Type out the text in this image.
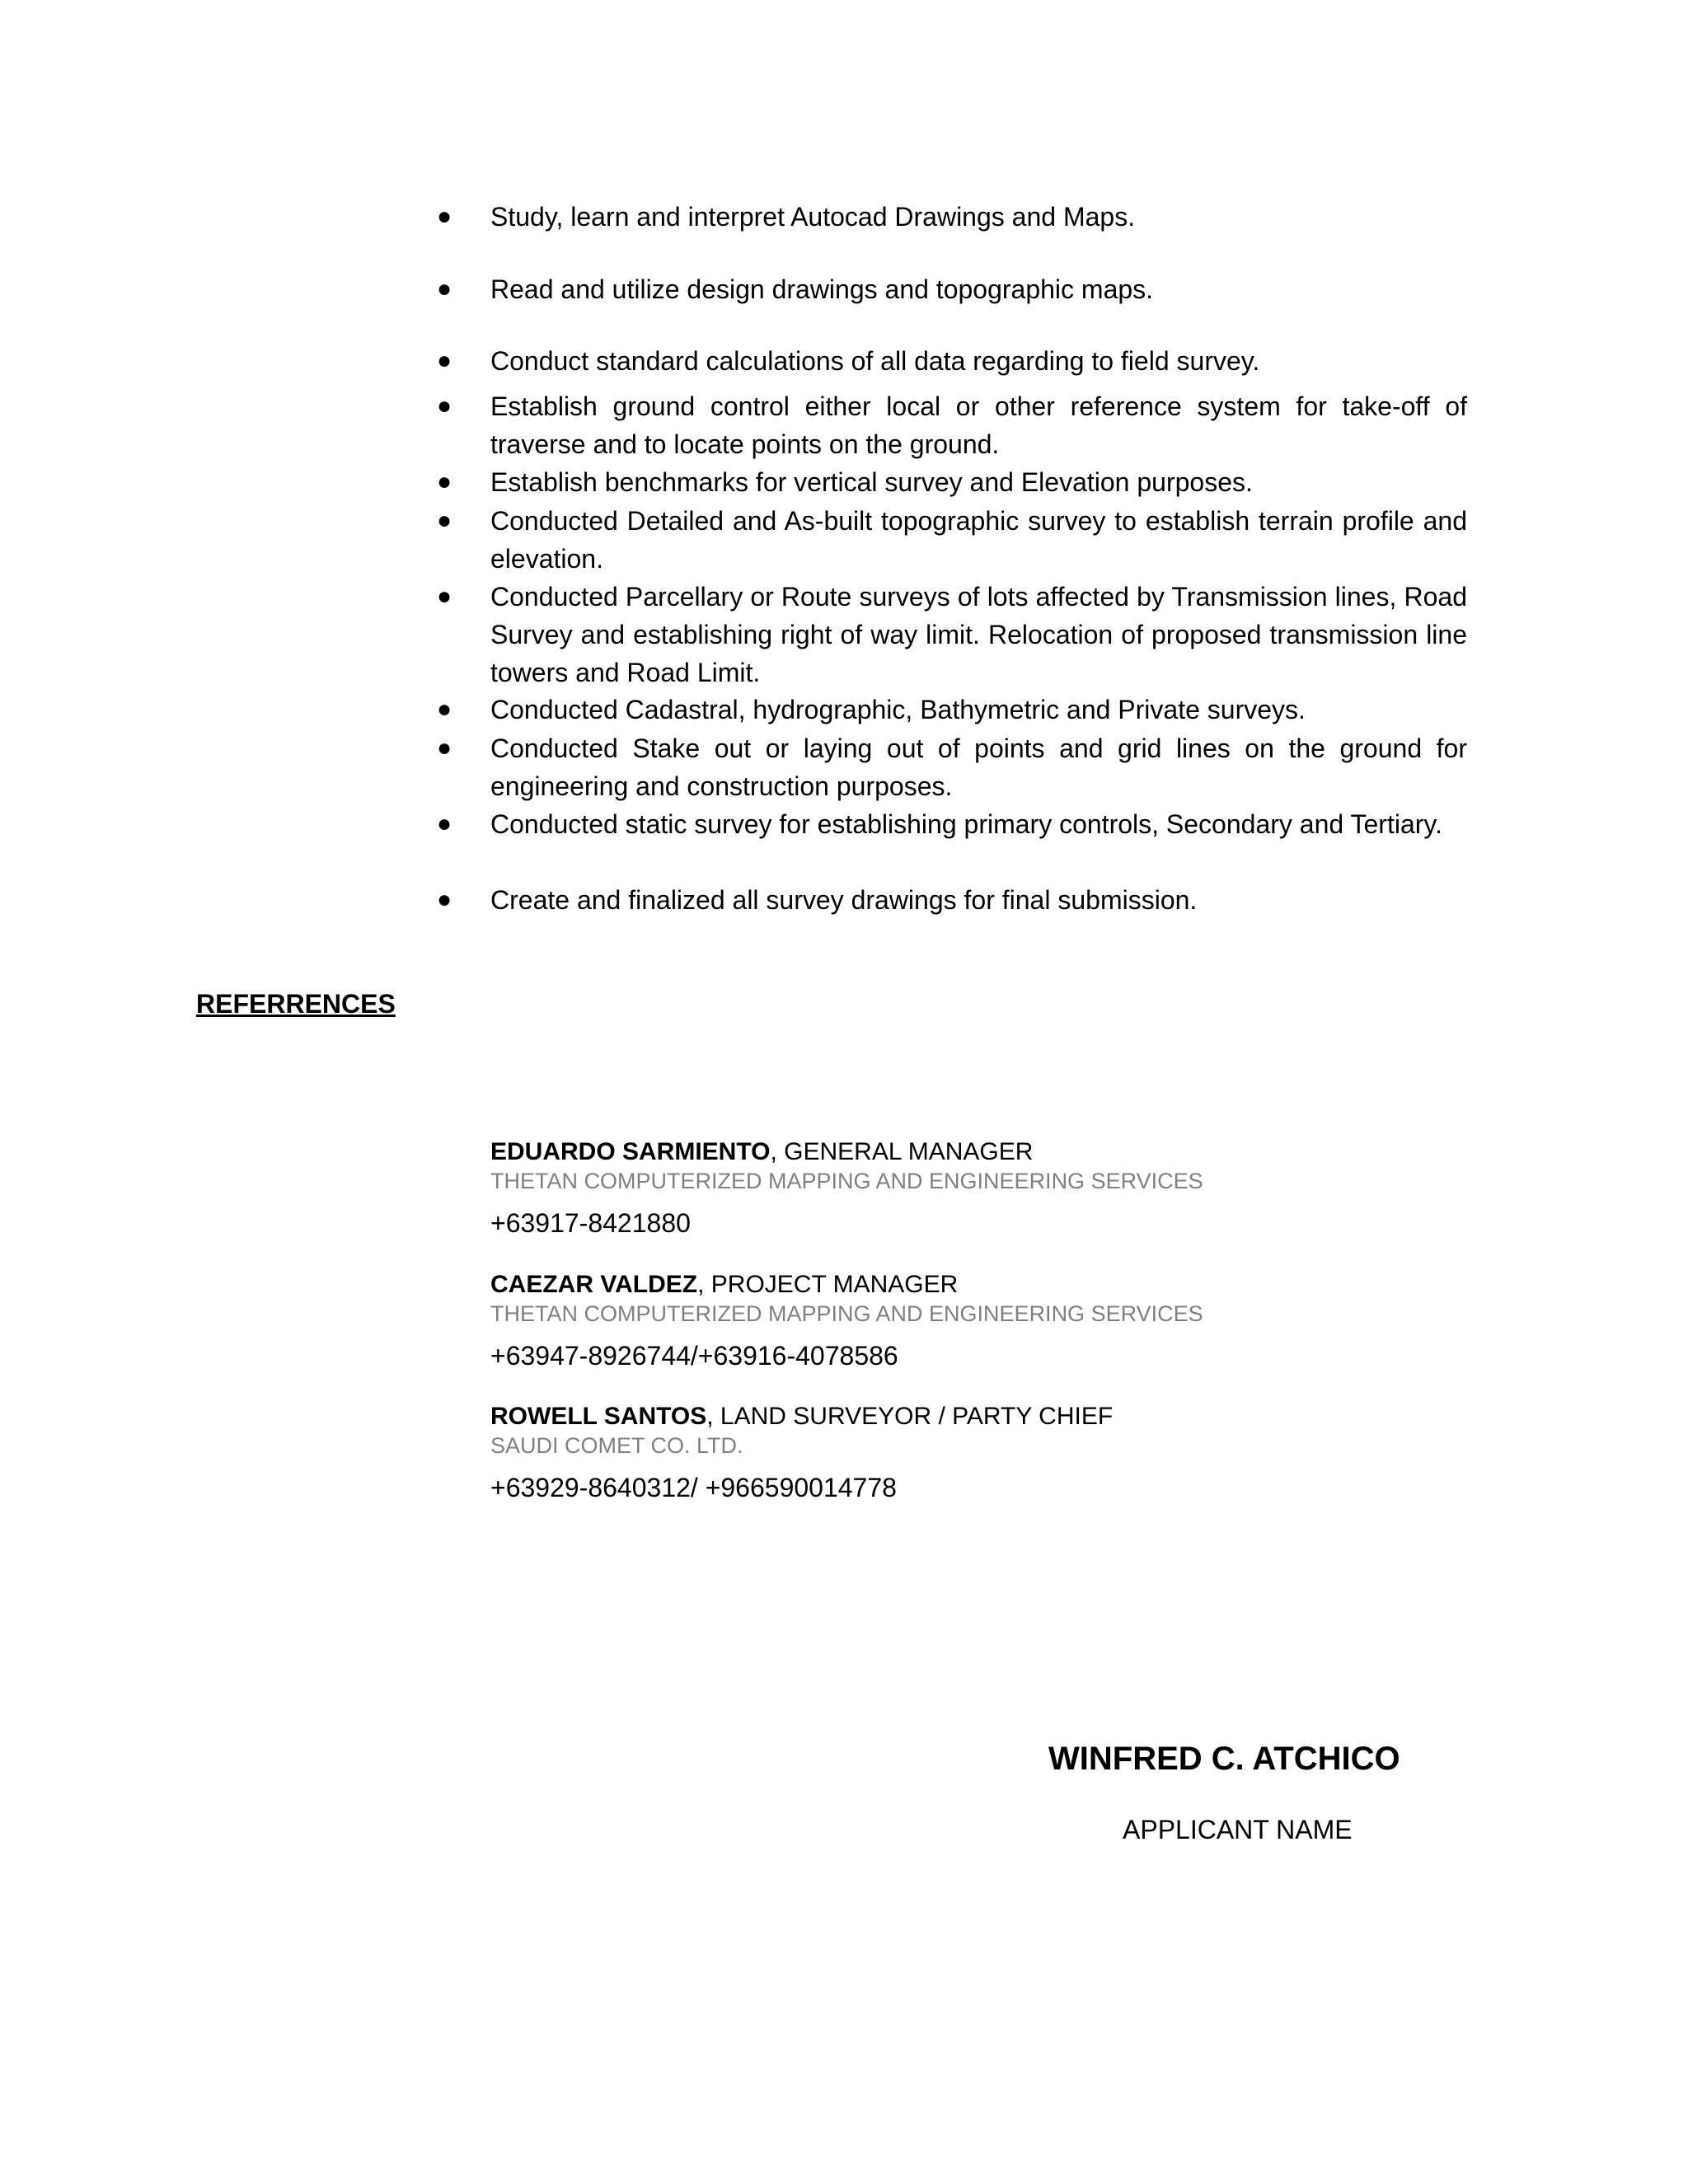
●	Study, learn and interpret Autocad Drawings and Maps.
●	Read and utilize design drawings and topographic maps.
●	Conduct standard calculations of all data regarding to field survey.
●	Establish ground control either local or other reference system for take-off of traverse and to locate points on the ground.
●	Establish benchmarks for vertical survey and Elevation purposes.
●	Conducted Detailed and As-built topographic survey to establish terrain profile and elevation.
●	Conducted Parcellary or Route surveys of lots affected by Transmission lines, Road Survey and establishing right of way limit. Relocation of proposed transmission line towers and Road Limit.
●	Conducted Cadastral, hydrographic, Bathymetric and Private surveys.
●	Conducted Stake out or laying out of points and grid lines on the ground for engineering and construction purposes.
●	Conducted static survey for establishing primary controls, Secondary and Tertiary.
●	Create and finalized all survey drawings for final submission.
REFERRENCES
EDUARDO SARMIENTO, GENERAL MANAGER
THETAN COMPUTERIZED MAPPING AND ENGINEERING SERVICES
+63917-8421880
CAEZAR VALDEZ, PROJECT MANAGER
THETAN COMPUTERIZED MAPPING AND ENGINEERING SERVICES
+63947-8926744/+63916-4078586
ROWELL SANTOS, LAND SURVEYOR / PARTY CHIEF
SAUDI COMET CO. LTD.
+63929-8640312/ +966590014778
WINFRED C. ATCHICO
APPLICANT NAME
